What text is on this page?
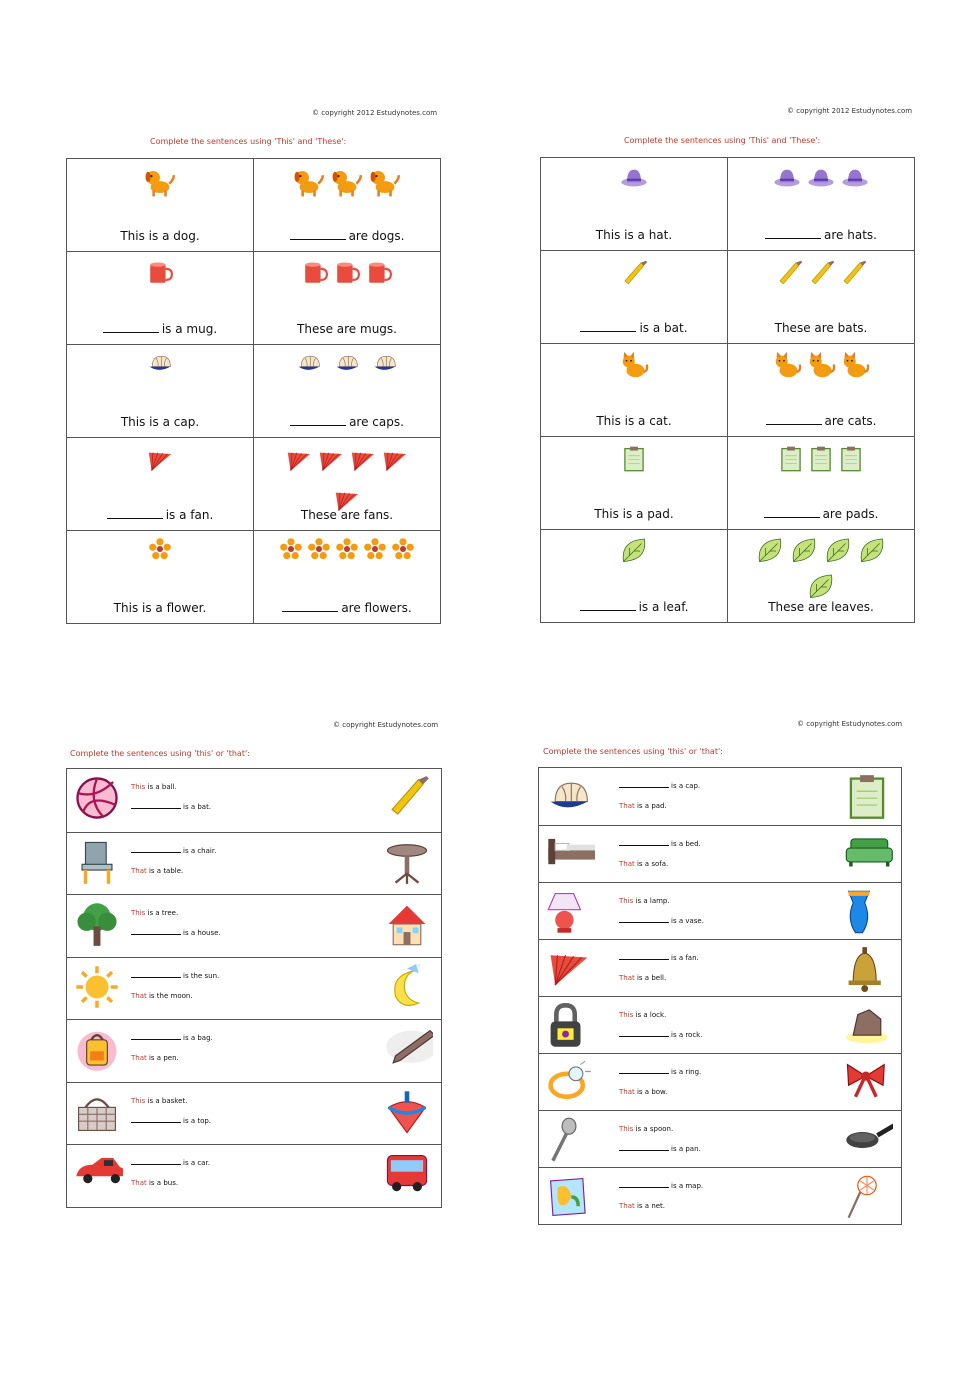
© copyright 2012 Estudynotes.com
Complete the sentences using 'This' and 'These':
This is a dog.	are dogs.

is a mug.	These are mugs.

This is a cap.	are caps.

is a fan.	These are fans.

This is a flower.	are flowers.
© copyright 2012 Estudynotes.com
Complete the sentences using 'This' and 'These':
This is a hat.	are hats.

is a bat.	These are bats.

This is a cat.	are cats.

This is a pad.	are pads.

is a leaf.	These are leaves.
© copyright Estudynotes.com
Complete the sentences using 'this' or 'that':
This is a ball.
is a bat.
is a chair.
That is a table.
This is a tree.
is a house.
is the sun.
That is the moon.
is a bag.
That is a pen.
This is a basket.
is a top.
is a car.
That is a bus.
© copyright Estudynotes.com
Complete the sentences using 'this' or 'that':
is a cap.
That is a pad.
is a bed.
That is a sofa.
This is a lamp.
is a vase.
is a fan.
That is a bell.
This is a lock.
is a rock.
is a ring.
That is a bow.
This is a spoon.
is a pan.
is a map.
That is a net.
